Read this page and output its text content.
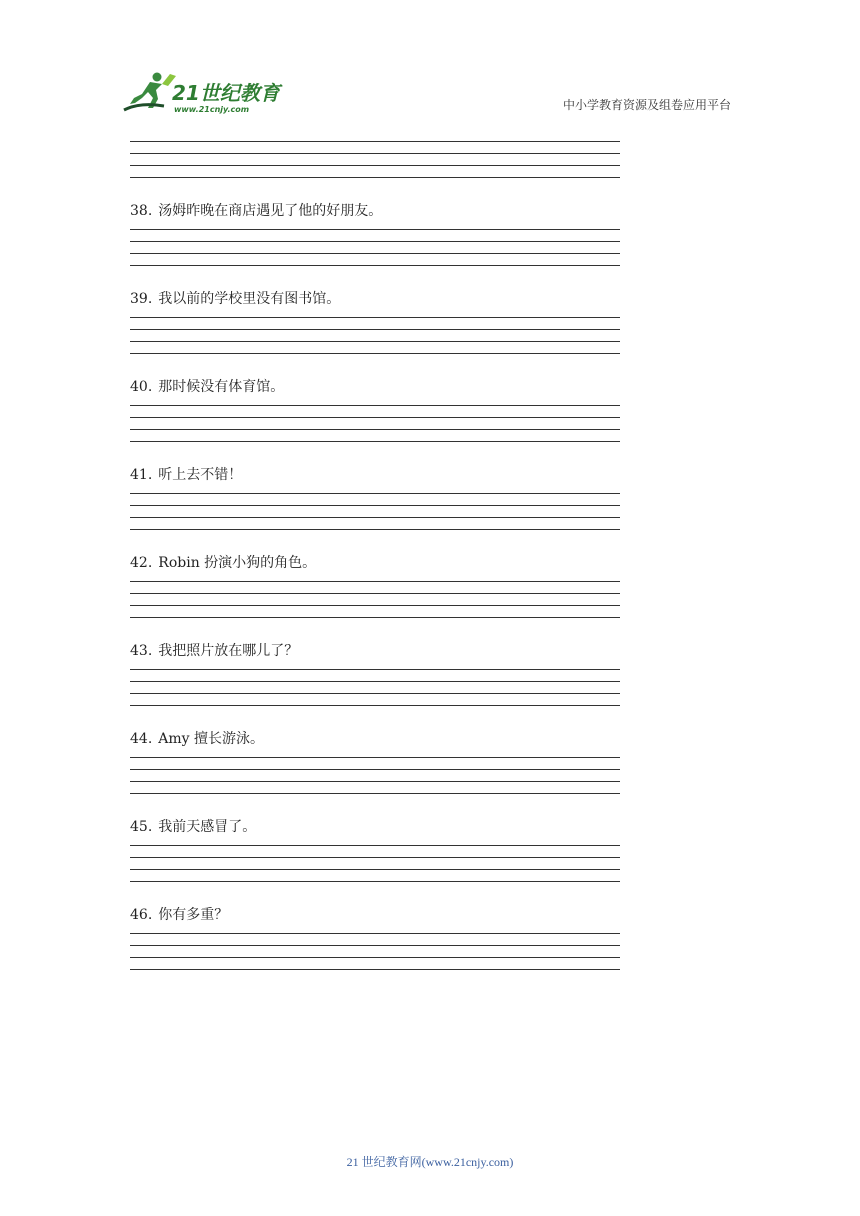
21世纪教育
www.21cnjy.com	中小学教育资源及组卷应用平台
38. 汤姆昨晚在商店遇见了他的好朋友。
39. 我以前的学校里没有图书馆。
40. 那时候没有体育馆。
41. 听上去不错！
42. Robin 扮演小狗的角色。
43. 我把照片放在哪儿了？
44. Amy 擅长游泳。
45. 我前天感冒了。
46. 你有多重？
21 世纪教育网(www.21cnjy.com)
